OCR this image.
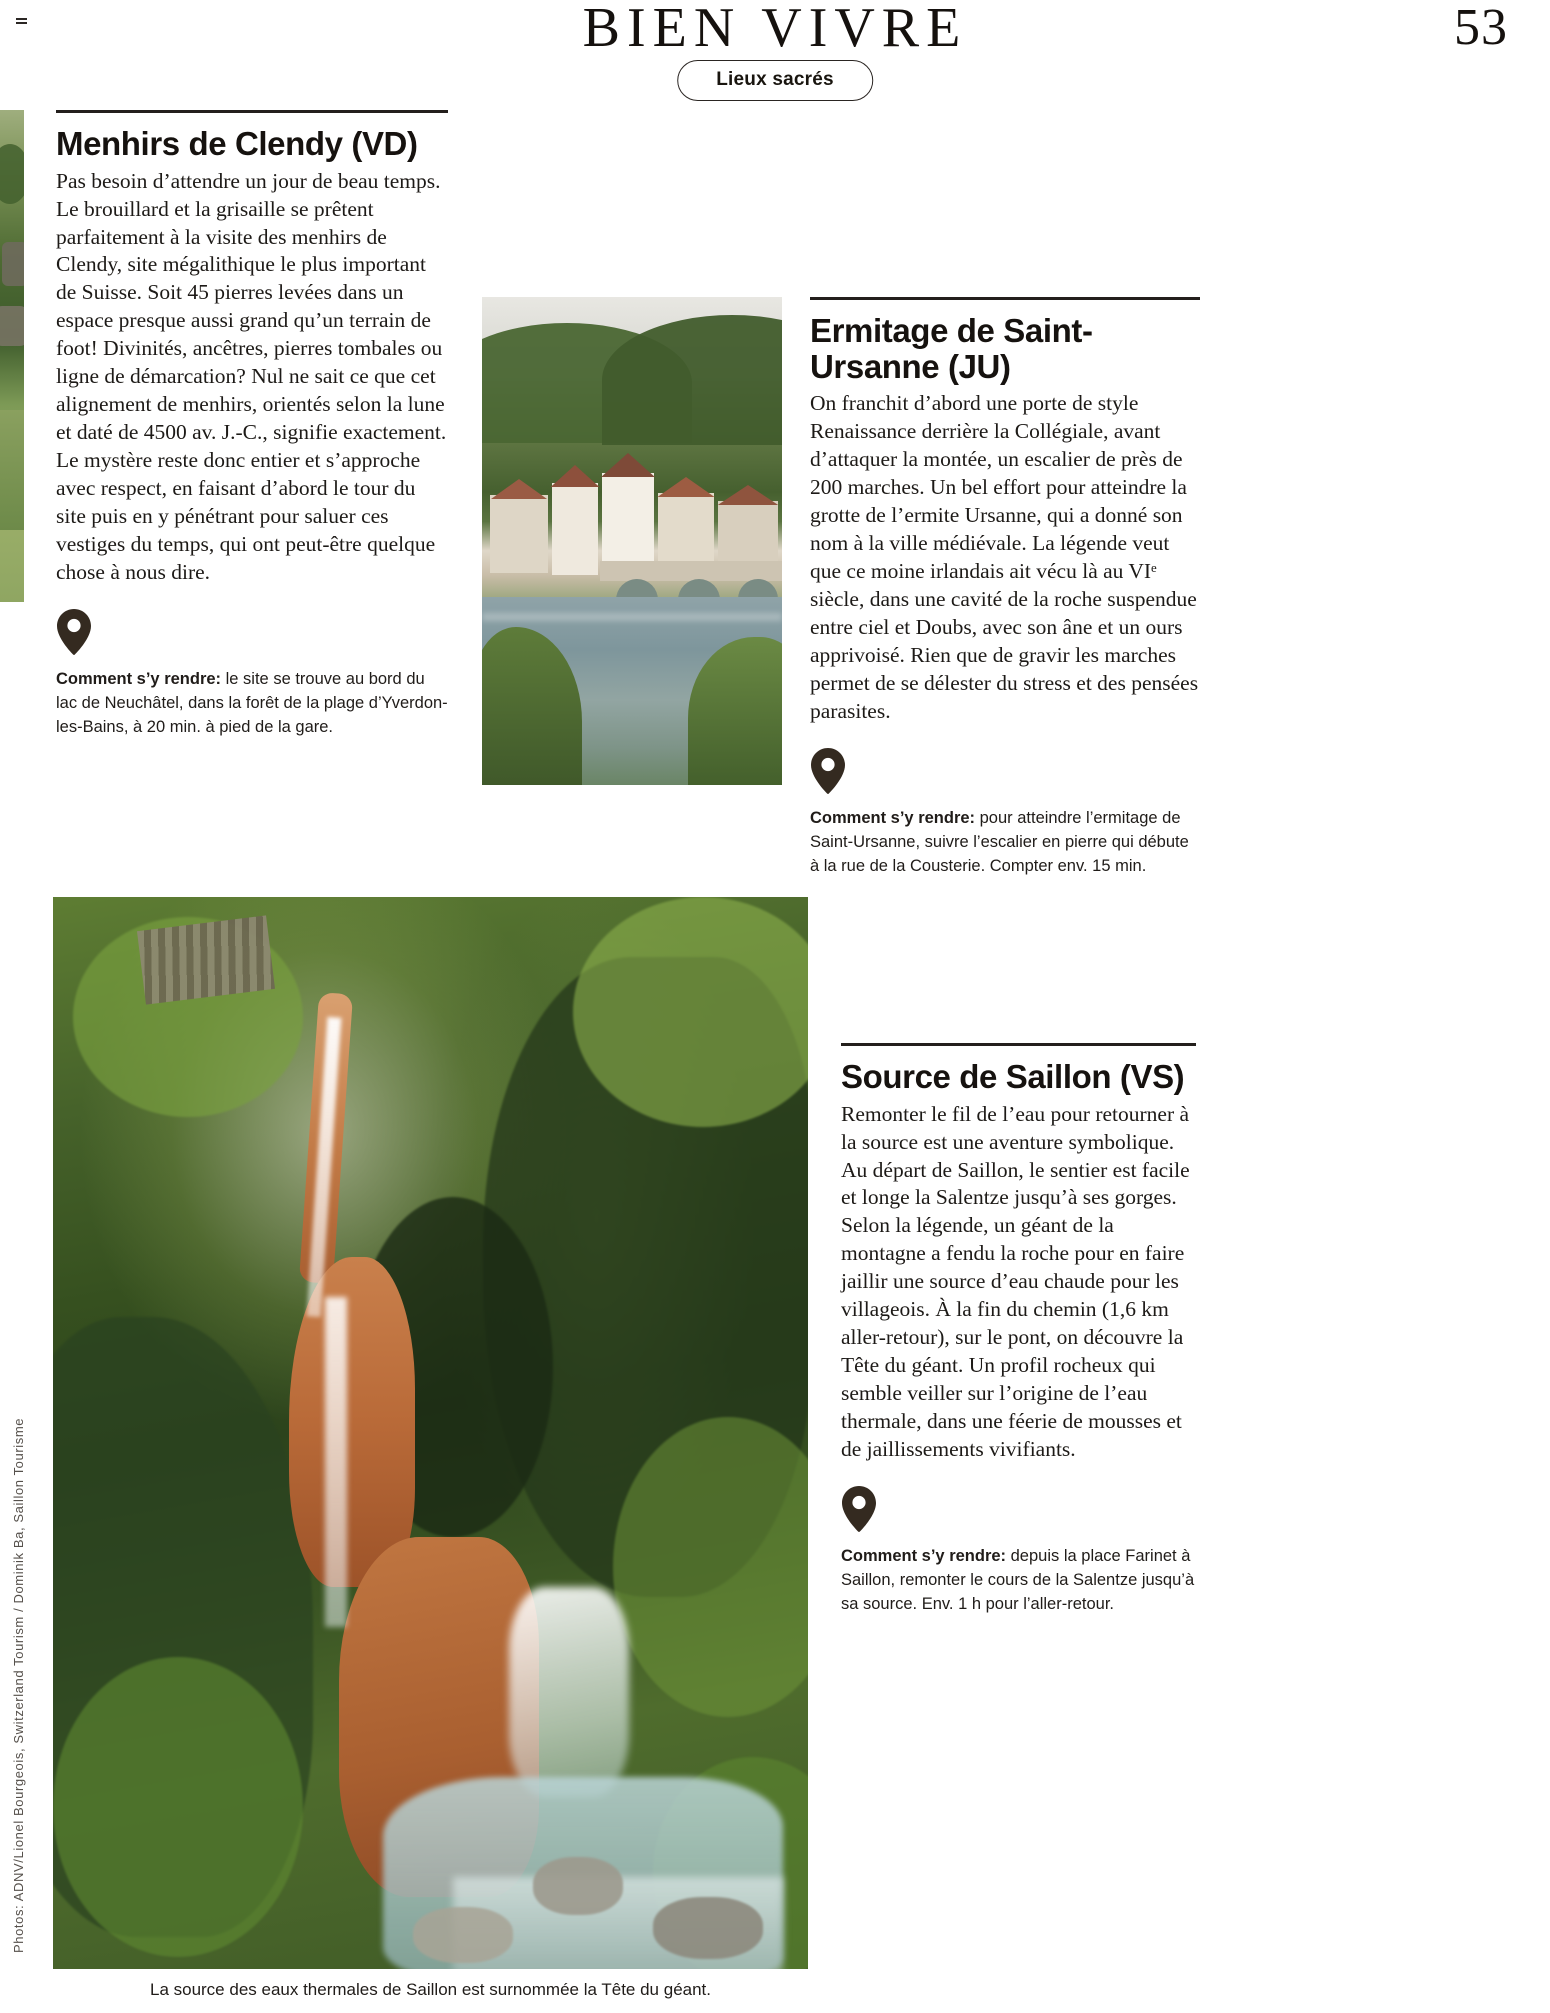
BIEN VIVRE	53
Lieux sacrés
Menhirs de Clendy (VD)

Pas besoin d’attendre un jour de beau temps. Le brouillard et la grisaille se prêtent parfaitement à la visite des menhirs de Clendy, site mégalithique le plus important de Suisse. Soit 45 pierres levées dans un espace presque aussi grand qu’un terrain de foot! Divinités, ancêtres, pierres tombales ou ligne de démarcation? Nul ne sait ce que cet alignement de menhirs, orientés selon la lune et daté de 4500 av. J.-C., signifie exactement. Le mystère reste donc entier et s’approche avec respect, en faisant d’abord le tour du site puis en y pénétrant pour saluer ces vestiges du temps, qui ont peut-être quelque chose à nous dire.

Comment s’y rendre: le site se trouve au bord du lac de Neuchâtel, dans la forêt de la plage d’Yverdon-les-Bains, à 20 min. à pied de la gare.

Ermitage de Saint-Ursanne (JU)

On franchit d’abord une porte de style Renaissance derrière la Collégiale, avant d’attaquer la montée, un escalier de près de 200 marches. Un bel effort pour atteindre la grotte de l’ermite Ursanne, qui a donné son nom à la ville médiévale. La légende veut que ce moine irlandais ait vécu là au VIᵉ siècle, dans une cavité de la roche suspendue entre ciel et Doubs, avec son âne et un ours apprivoisé. Rien que de gravir les marches permet de se délester du stress et des pensées parasites.

Comment s’y rendre: pour atteindre l’ermitage de Saint-Ursanne, suivre l’escalier en pierre qui débute à la rue de la Cousterie. Compter env. 15 min.

La source des eaux thermales de Saillon est surnommée la Tête du géant.

Source de Saillon (VS)

Remonter le fil de l’eau pour retourner à la source est une aventure symbolique. Au départ de Saillon, le sentier est facile et longe la Salentze jusqu’à ses gorges. Selon la légende, un géant de la montagne a fendu la roche pour en faire jaillir une source d’eau chaude pour les villageois. À la fin du chemin (1,6 km aller-retour), sur le pont, on découvre la Tête du géant. Un profil rocheux qui semble veiller sur l’origine de l’eau thermale, dans une féerie de mousses et de jaillissements vivifiants.

Comment s’y rendre: depuis la place Farinet à Saillon, remonter le cours de la Salentze jusqu’à sa source. Env. 1 h pour l’aller-retour.

Photos: ADNV/Lionel Bourgeois, Switzerland Tourism / Dominik Ba, Saillon Tourisme
